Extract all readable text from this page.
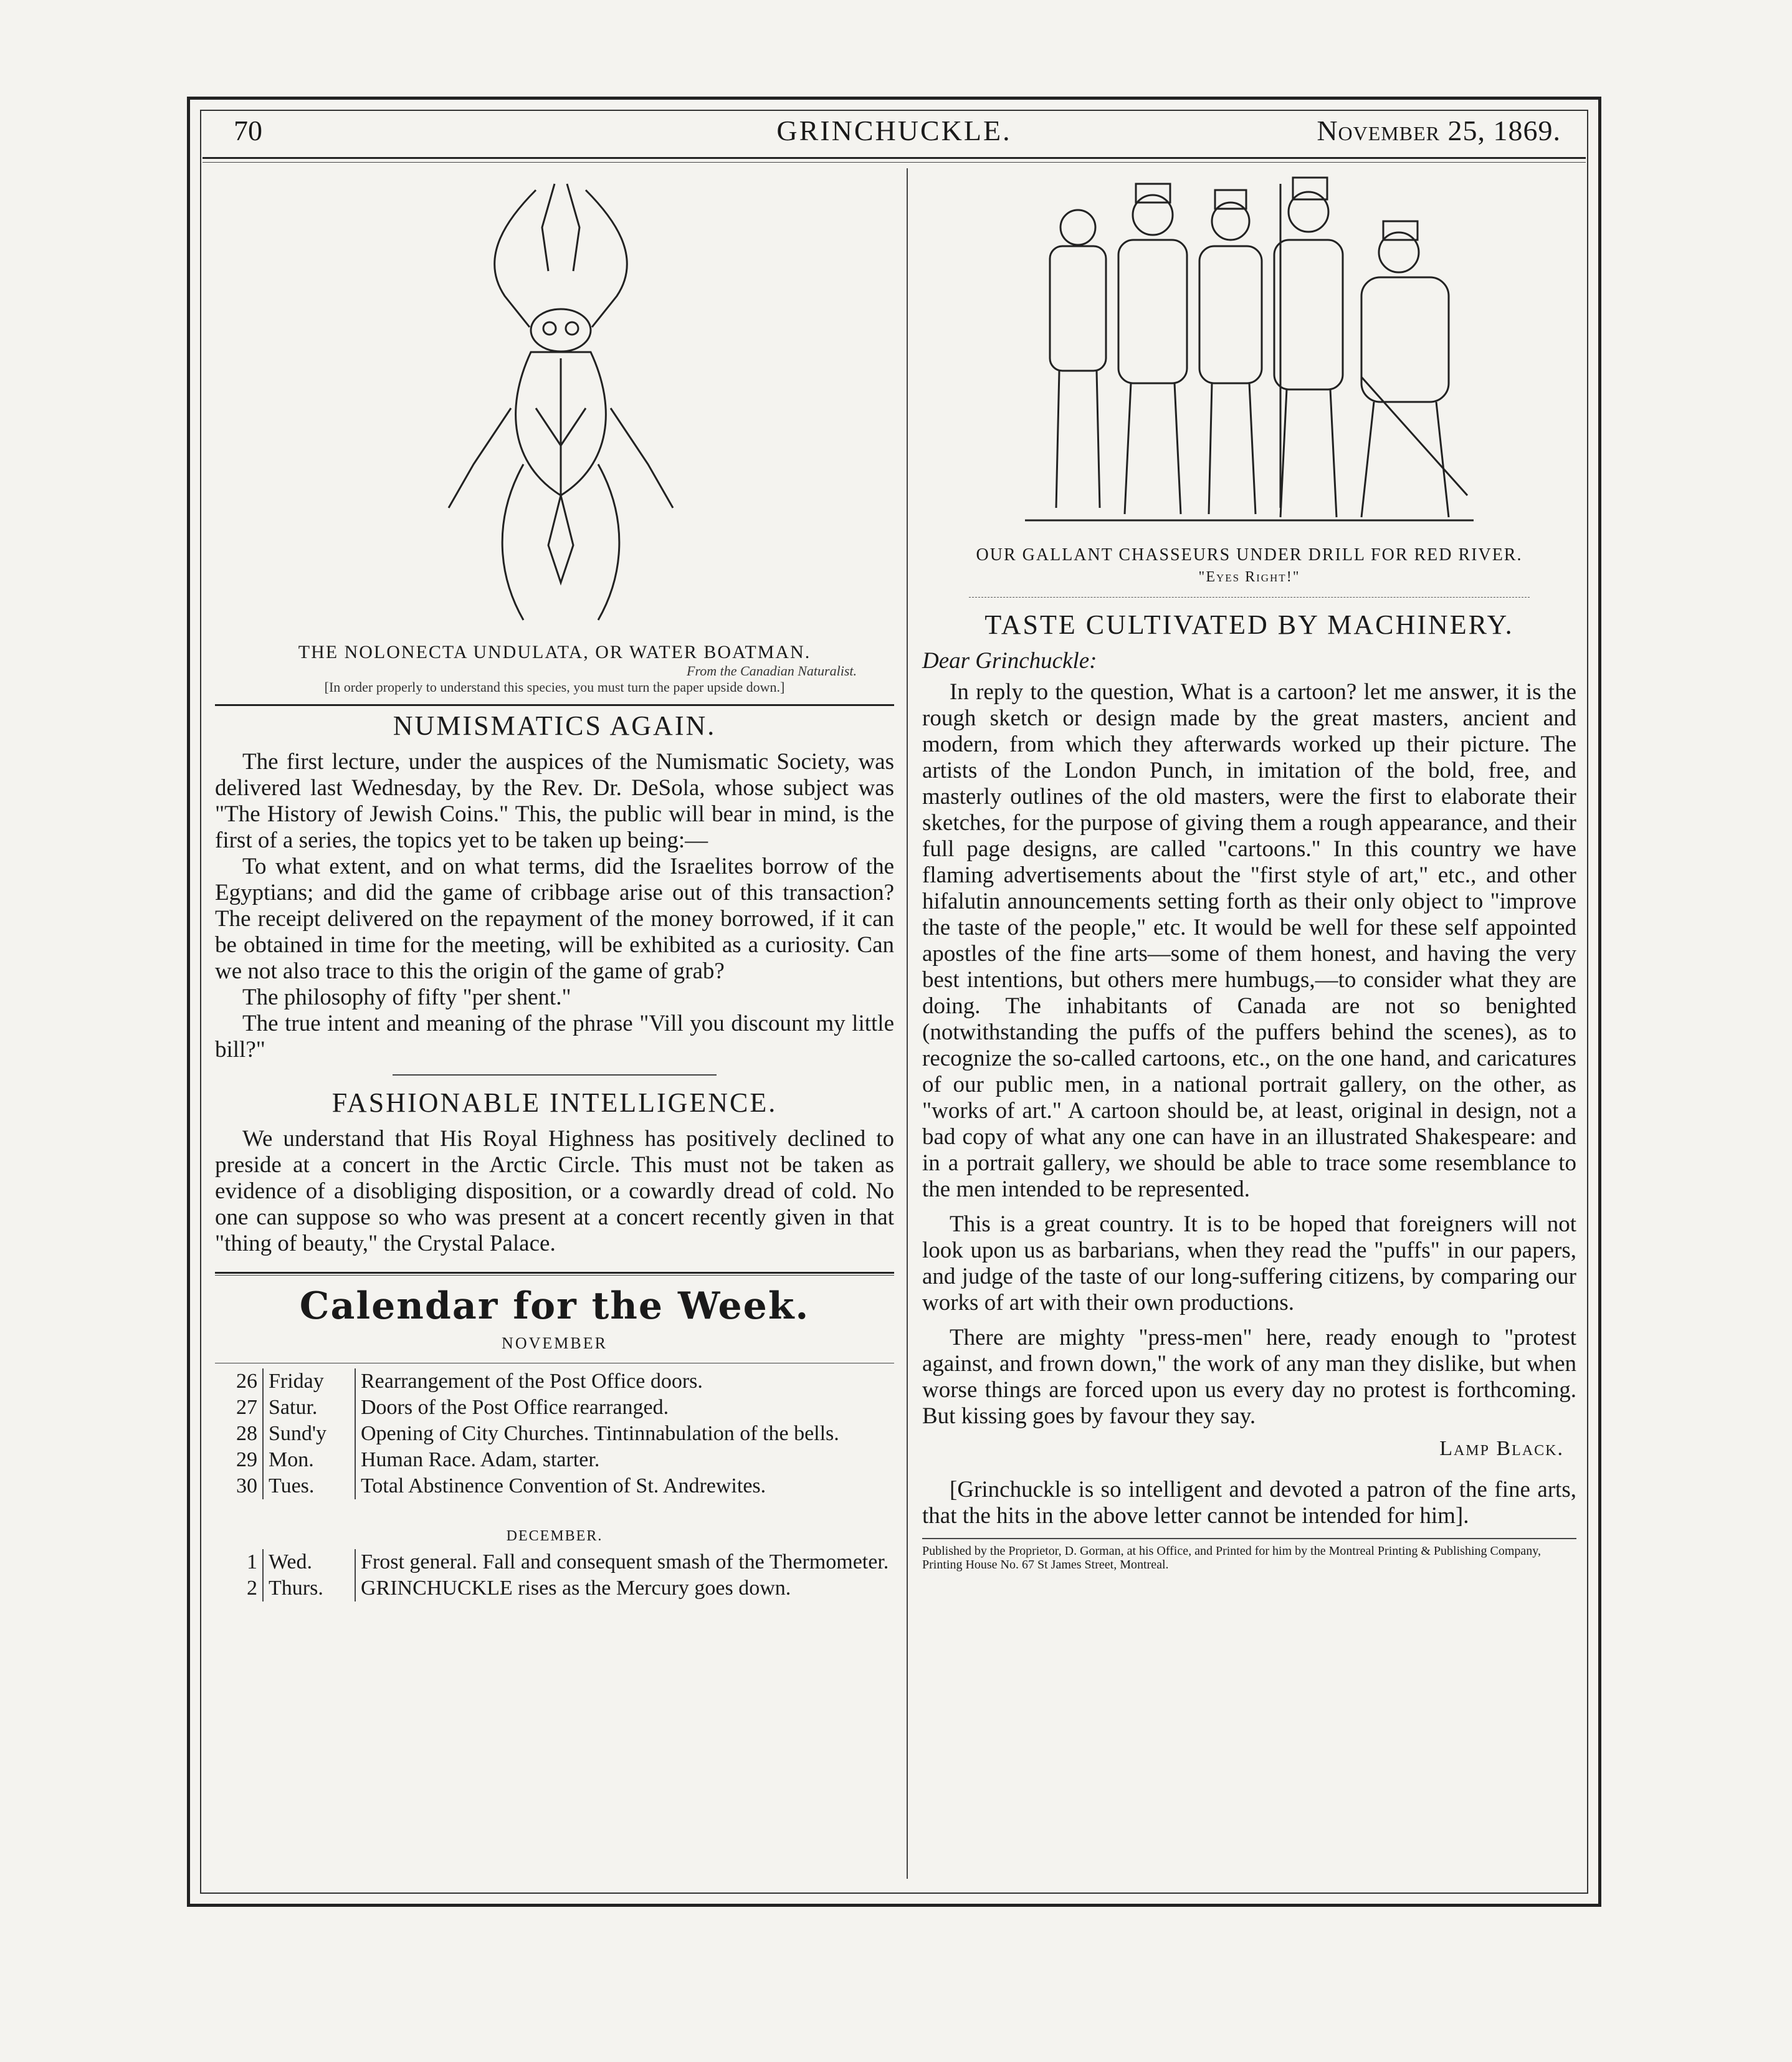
70	GRINCHUCKLE.	November 25, 1869.
THE NOLONECTA UNDULATA, OR WATER BOATMAN.
From the Canadian Naturalist.
[In order properly to understand this species, you must turn the paper upside down.]
NUMISMATICS AGAIN.

The first lecture, under the auspices of the Numismatic Society, was delivered last Wednesday, by the Rev. Dr. DeSola, whose subject was "The History of Jewish Coins." This, the public will bear in mind, is the first of a series, the topics yet to be taken up being:—

To what extent, and on what terms, did the Israelites borrow of the Egyptians; and did the game of cribbage arise out of this transaction? The receipt delivered on the repayment of the money borrowed, if it can be obtained in time for the meeting, will be exhibited as a curiosity. Can we not also trace to this the origin of the game of grab?

The philosophy of fifty "per shent."

The true intent and meaning of the phrase "Vill you discount my little bill?"

FASHIONABLE INTELLIGENCE.

We understand that His Royal Highness has positively declined to preside at a concert in the Arctic Circle. This must not be taken as evidence of a disobliging disposition, or a cowardly dread of cold. No one can suppose so who was present at a concert recently given in that "thing of beauty," the Crystal Palace.

Calendar for the Week.
NOVEMBER
26	Friday	Rearrangement of the Post Office doors.
27	Satur.	Doors of the Post Office rearranged.
28	Sund'y	Opening of City Churches. Tintinnabulation of the bells.
29	Mon.	Human Race. Adam, starter.
30	Tues.	Total Abstinence Convention of St. Andrewites.
DECEMBER.		
1	Wed.	Frost general. Fall and consequent smash of the Thermometer.
2	Thurs.	GRINCHUCKLE rises as the Mercury goes down.
OUR GALLANT CHASSEURS UNDER DRILL FOR RED RIVER.
"Eyes Right!"
TASTE CULTIVATED BY MACHINERY.

Dear Grinchuckle:

In reply to the question, What is a cartoon? let me answer, it is the rough sketch or design made by the great masters, ancient and modern, from which they afterwards worked up their picture. The artists of the London Punch, in imitation of the bold, free, and masterly outlines of the old masters, were the first to elaborate their sketches, for the purpose of giving them a rough appearance, and their full page designs, are called "cartoons." In this country we have flaming advertisements about the "first style of art," etc., and other hifalutin announcements setting forth as their only object to "improve the taste of the people," etc. It would be well for these self appointed apostles of the fine arts—some of them honest, and having the very best intentions, but others mere humbugs,—to consider what they are doing. The inhabitants of Canada are not so benighted (notwithstanding the puffs of the puffers behind the scenes), as to recognize the so-called cartoons, etc., on the one hand, and caricatures of our public men, in a national portrait gallery, on the other, as "works of art." A cartoon should be, at least, original in design, not a bad copy of what any one can have in an illustrated Shakespeare: and in a portrait gallery, we should be able to trace some resemblance to the men intended to be represented.

This is a great country. It is to be hoped that foreigners will not look upon us as barbarians, when they read the "puffs" in our papers, and judge of the taste of our long-suffering citizens, by comparing our works of art with their own productions.

There are mighty "press-men" here, ready enough to "protest against, and frown down," the work of any man they dislike, but when worse things are forced upon us every day no protest is forthcoming. But kissing goes by favour they say.

Lamp Black.

[Grinchuckle is so intelligent and devoted a patron of the fine arts, that the hits in the above letter cannot be intended for him].

Published by the Proprietor, D. Gorman, at his Office, and Printed for him by the Montreal Printing & Publishing Company, Printing House No. 67 St James Street, Montreal.
